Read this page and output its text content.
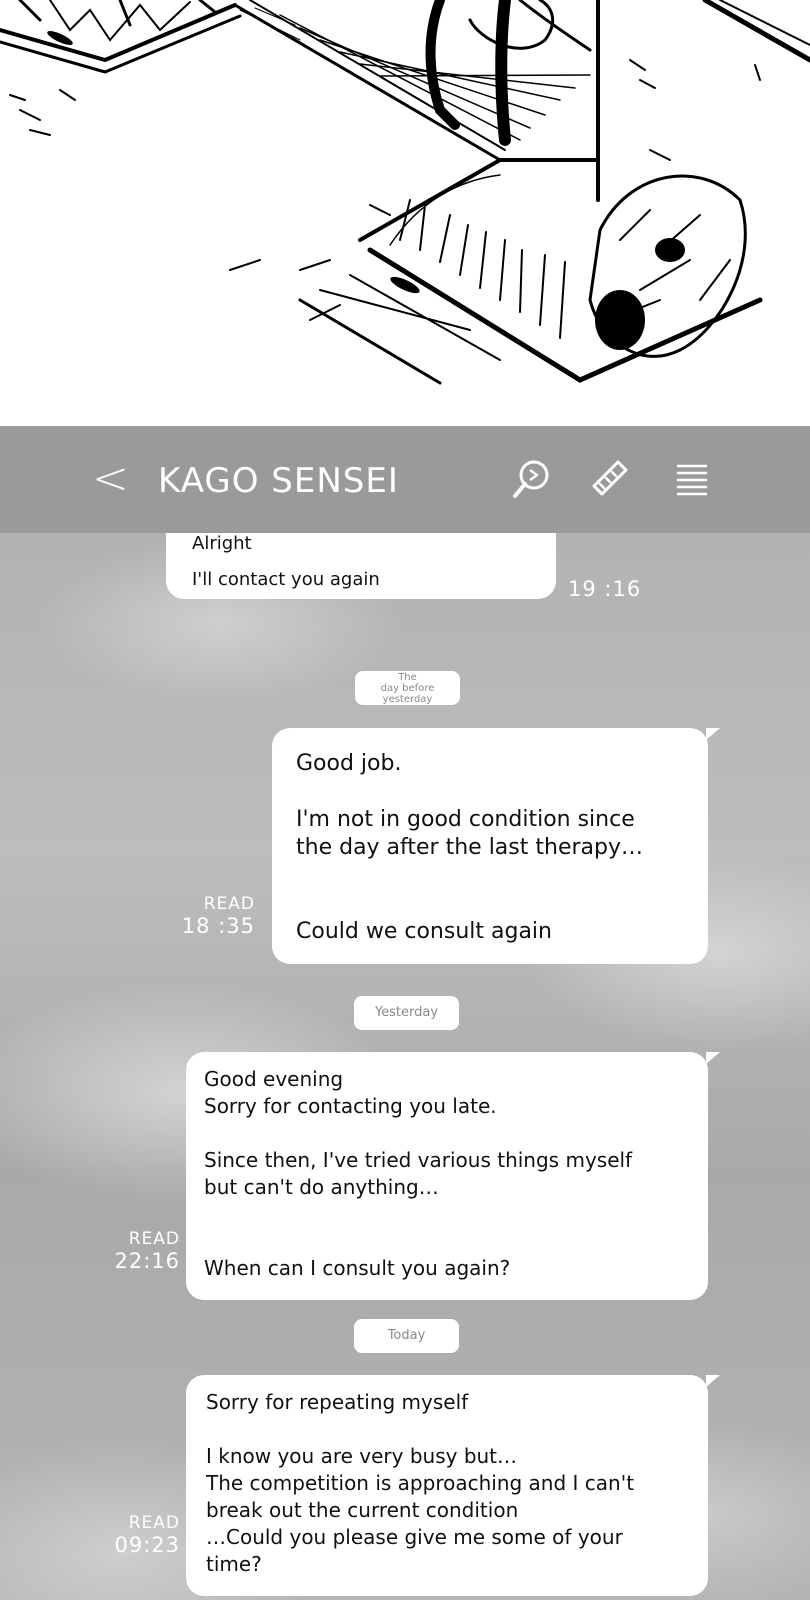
< KAGO SENSEI

Alright

I'll contact you again	19 :16
The
day before
yesterday

Good job.

I'm not in good condition since
the day after the last therapy…

Could we consult again

READ
18 :35
Yesterday

Good evening
Sorry for contacting you late.

Since then, I've tried various things myself
but can't do anything…

When can I consult you again?

READ
22:16
Today

Sorry for repeating myself

I know you are very busy but…
The competition is approaching and I can't
break out the current condition
…Could you please give me some of your
time?

READ
09:23
